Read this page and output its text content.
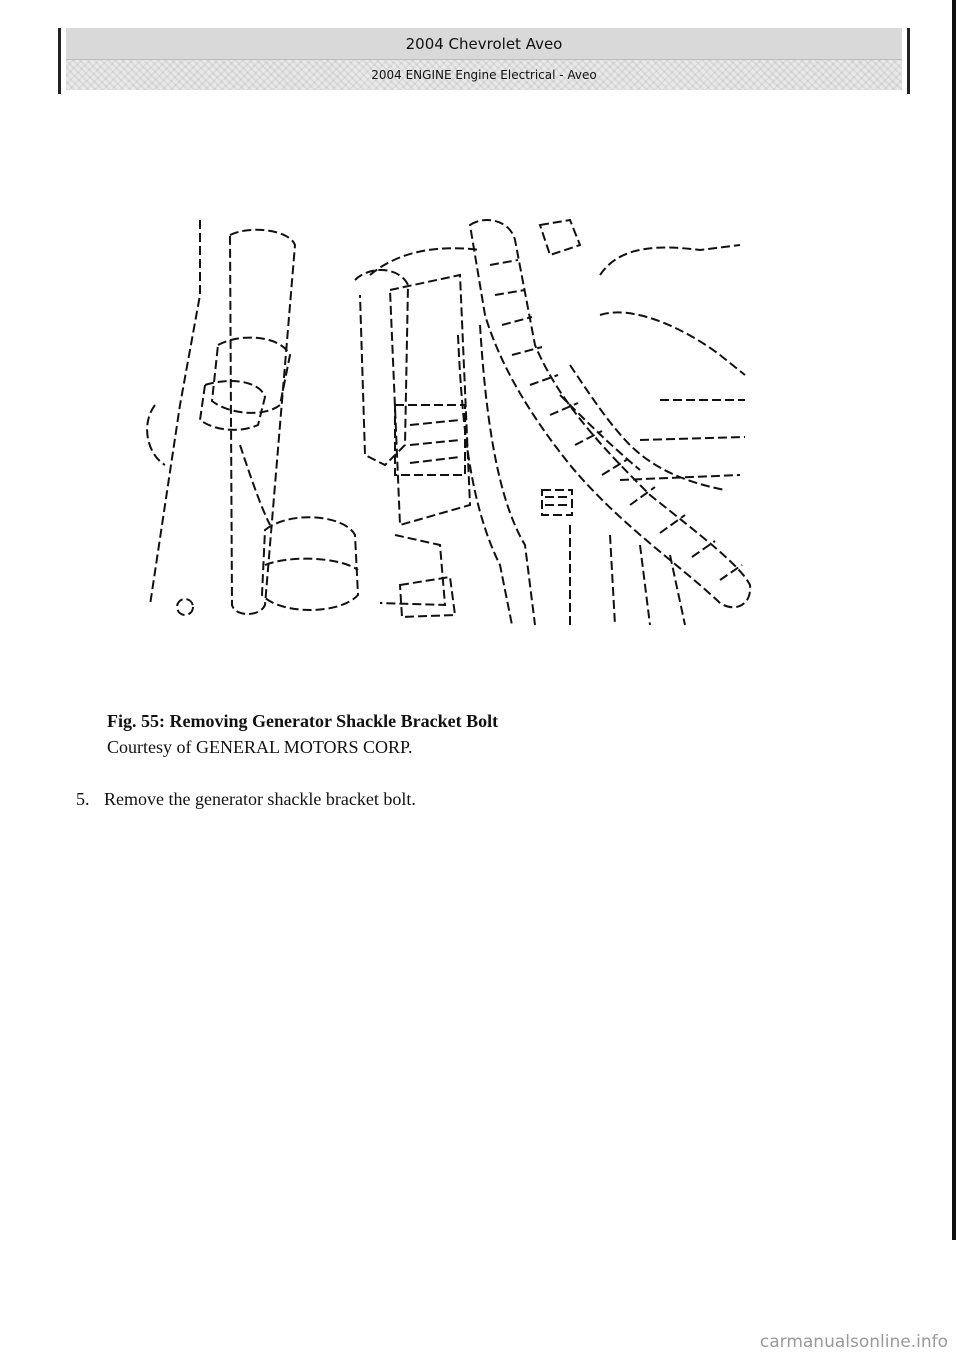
2004 Chevrolet Aveo
2004 ENGINE Engine Electrical - Aveo
Fig. 55: Removing Generator Shackle Bracket Bolt
Courtesy of GENERAL MOTORS CORP.
5. Remove the generator shackle bracket bolt.
carmanualsonline.info
